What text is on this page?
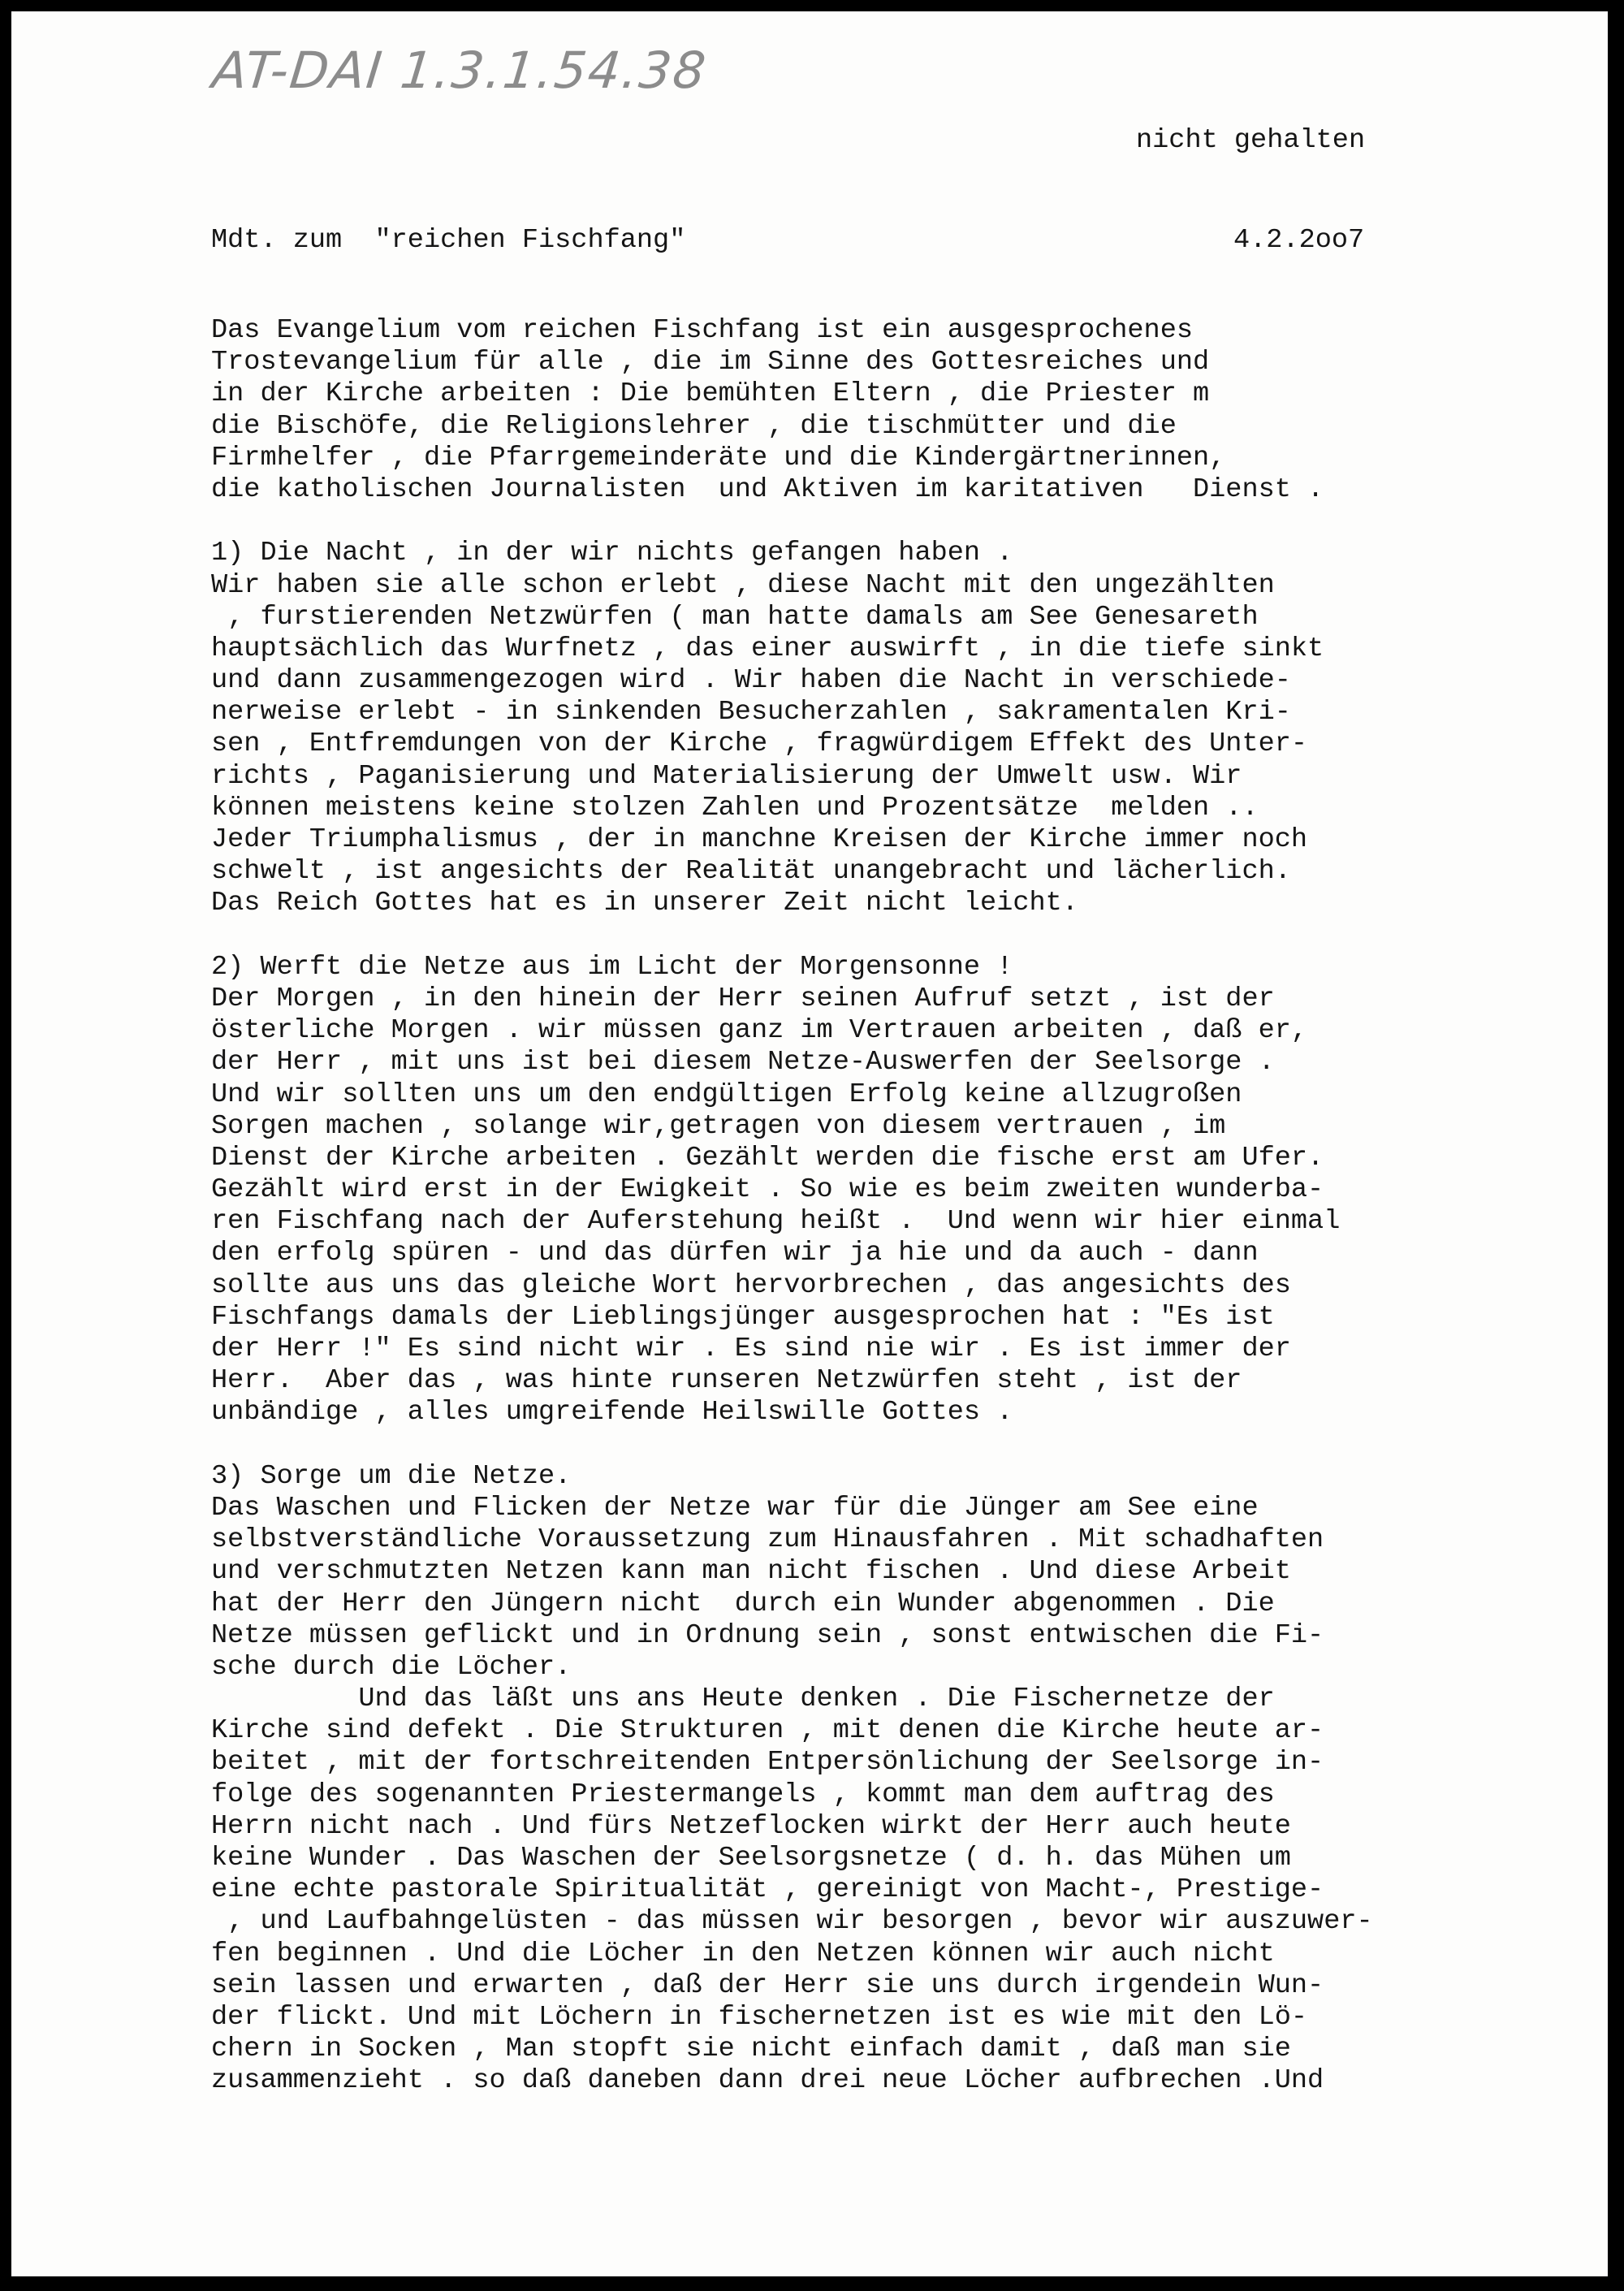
AT-DAI 1.3.1.54.38
nicht gehalten
Mdt. zum  "reichen Fischfang"	4.2.2oo7
Das Evangelium vom reichen Fischfang ist ein ausgesprochenes
Trostevangelium für alle , die im Sinne des Gottesreiches und
in der Kirche arbeiten : Die bemühten Eltern , die Priester m
die Bischöfe, die Religionslehrer , die tischmütter und die
Firmhelfer , die Pfarrgemeinderäte und die Kindergärtnerinnen,
die katholischen Journalisten  und Aktiven im karitativen   Dienst .
1) Die Nacht , in der wir nichts gefangen haben .
Wir haben sie alle schon erlebt , diese Nacht mit den ungezählten
, furstierenden Netzwürfen ( man hatte damals am See Genesareth
hauptsächlich das Wurfnetz , das einer auswirft , in die tiefe sinkt
und dann zusammengezogen wird . Wir haben die Nacht in verschiede-
nerweise erlebt - in sinkenden Besucherzahlen , sakramentalen Kri-
sen , Entfremdungen von der Kirche , fragwürdigem Effekt des Unter-
richts , Paganisierung und Materialisierung der Umwelt usw. Wir
können meistens keine stolzen Zahlen und Prozentsätze  melden ..
Jeder Triumphalismus , der in manchne Kreisen der Kirche immer noch
schwelt , ist angesichts der Realität unangebracht und lächerlich.
Das Reich Gottes hat es in unserer Zeit nicht leicht.
2) Werft die Netze aus im Licht der Morgensonne !
Der Morgen , in den hinein der Herr seinen Aufruf setzt , ist der
österliche Morgen . wir müssen ganz im Vertrauen arbeiten , daß er,
der Herr , mit uns ist bei diesem Netze-Auswerfen der Seelsorge .
Und wir sollten uns um den endgültigen Erfolg keine allzugroßen
Sorgen machen , solange wir,getragen von diesem vertrauen , im
Dienst der Kirche arbeiten . Gezählt werden die fische erst am Ufer.
Gezählt wird erst in der Ewigkeit . So wie es beim zweiten wunderba-
ren Fischfang nach der Auferstehung heißt .  Und wenn wir hier einmal
den erfolg spüren - und das dürfen wir ja hie und da auch - dann
sollte aus uns das gleiche Wort hervorbrechen , das angesichts des
Fischfangs damals der Lieblingsjünger ausgesprochen hat : "Es ist
der Herr !" Es sind nicht wir . Es sind nie wir . Es ist immer der
Herr.  Aber das , was hinte runseren Netzwürfen steht , ist der
unbändige , alles umgreifende Heilswille Gottes .
3) Sorge um die Netze.
Das Waschen und Flicken der Netze war für die Jünger am See eine
selbstverständliche Voraussetzung zum Hinausfahren . Mit schadhaften
und verschmutzten Netzen kann man nicht fischen . Und diese Arbeit
hat der Herr den Jüngern nicht  durch ein Wunder abgenommen . Die
Netze müssen geflickt und in Ordnung sein , sonst entwischen die Fi-
sche durch die Löcher.
Und das läßt uns ans Heute denken . Die Fischernetze der
Kirche sind defekt . Die Strukturen , mit denen die Kirche heute ar-
beitet , mit der fortschreitenden Entpersönlichung der Seelsorge in-
folge des sogenannten Priestermangels , kommt man dem auftrag des
Herrn nicht nach . Und fürs Netzeflocken wirkt der Herr auch heute
keine Wunder . Das Waschen der Seelsorgsnetze ( d. h. das Mühen um
eine echte pastorale Spiritualität , gereinigt von Macht-, Prestige-
, und Laufbahngelüsten - das müssen wir besorgen , bevor wir auszuwer-
fen beginnen . Und die Löcher in den Netzen können wir auch nicht
sein lassen und erwarten , daß der Herr sie uns durch irgendein Wun-
der flickt. Und mit Löchern in fischernetzen ist es wie mit den Lö-
chern in Socken , Man stopft sie nicht einfach damit , daß man sie
zusammenzieht . so daß daneben dann drei neue Löcher aufbrechen .Und
